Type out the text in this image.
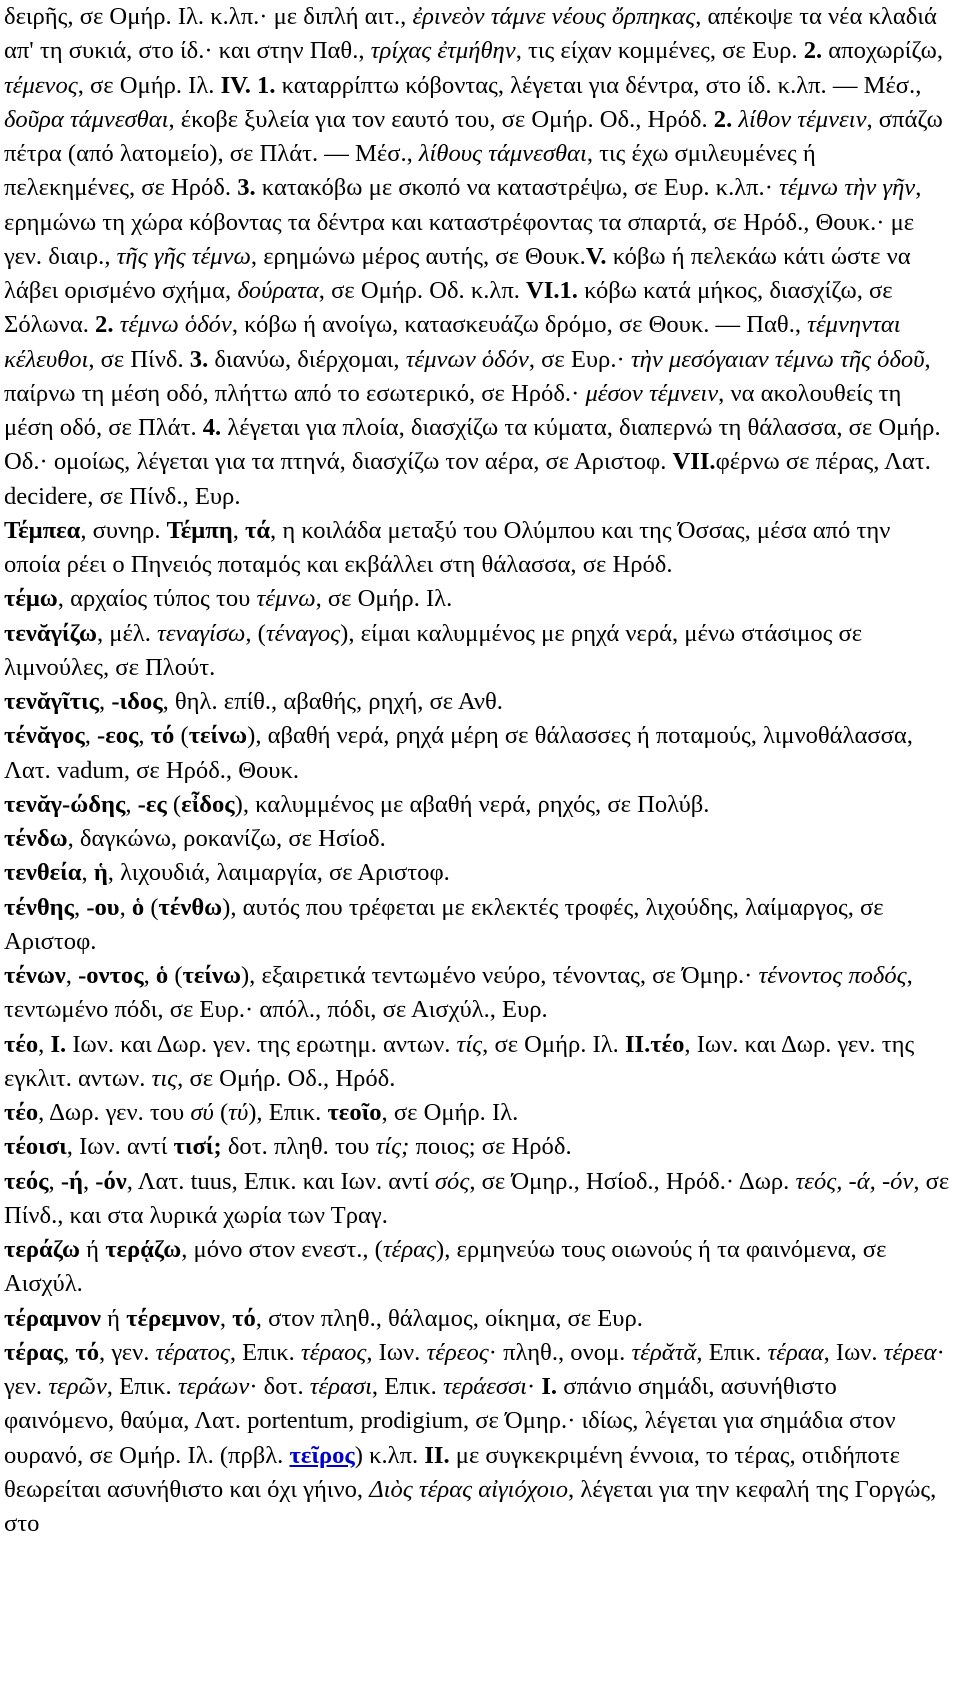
δειρῆς, σε Ομήρ. Ιλ. κ.λπ.· με διπλή αιτ., ἐρινεὸν τάμνε νέους ὄρπηκας, απέκοψε τα νέα κλαδιά απ' τη συκιά, στο ίδ.· και στην Παθ., τρίχας ἐτμήθην, τις είχαν κομμένες, σε Ευρ. 2. αποχωρίζω, τέμενος, σε Ομήρ. Ιλ. IV. 1. καταρρίπτω κόβοντας, λέγεται για δέντρα, στο ίδ. κ.λπ. — Μέσ., δοῦρα τάμνεσθαι, έκοβε ξυλεία για τον εαυτό του, σε Ομήρ. Οδ., Ηρόδ. 2. λίθον τέμνειν, σπάζω πέτρα (από λατομείο), σε Πλάτ. — Μέσ., λίθους τάμνεσθαι, τις έχω σμιλευμένες ή πελεκημένες, σε Ηρόδ. 3. κατακόβω με σκοπό να καταστρέψω, σε Ευρ. κ.λπ.· τέμνω τὴν γῆν, ερημώνω τη χώρα κόβοντας τα δέντρα και καταστρέφοντας τα σπαρτά, σε Ηρόδ., Θουκ.· με γεν. διαιρ., τῆς γῆς τέμνω, ερημώνω μέρος αυτής, σε Θουκ.V. κόβω ή πελεκάω κάτι ώστε να λάβει ορισμένο σχήμα, δούρατα, σε Ομήρ. Οδ. κ.λπ. VI.1. κόβω κατά μήκος, διασχίζω, σε Σόλωνα. 2. τέμνω ὁδόν, κόβω ή ανοίγω, κατασκευάζω δρόμο, σε Θουκ. — Παθ., τέμνηνται κέλευθοι, σε Πίνδ. 3. διανύω, διέρχομαι, τέμνων ὁδόν, σε Ευρ.· τὴν μεσόγαιαν τέμνω τῆς ὁδοῦ, παίρνω τη μέση οδό, πλήττω από το εσωτερικό, σε Ηρόδ.· μέσον τέμνειν, να ακολουθείς τη μέση οδό, σε Πλάτ. 4. λέγεται για πλοία, διασχίζω τα κύματα, διαπερνώ τη θάλασσα, σε Ομήρ. Οδ.· ομοίως, λέγεται για τα πτηνά, διασχίζω τον αέρα, σε Αριστοφ. VII.φέρνω σε πέρας, Λατ. decidere, σε Πίνδ., Ευρ.

Τέμπεα, συνηρ. Τέμπη, τά, η κοιλάδα μεταξύ του Ολύμπου και της Όσσας, μέσα από την οποία ρέει ο Πηνειός ποταμός και εκβάλλει στη θάλασσα, σε Ηρόδ.

τέμω, αρχαίος τύπος του τέμνω, σε Ομήρ. Ιλ.

τενᾰγίζω, μέλ. τεναγίσω, (τέναγος), είμαι καλυμμένος με ρηχά νερά, μένω στάσιμος σε λιμνούλες, σε Πλούτ.

τενᾰγῖτις, -ιδος, θηλ. επίθ., αβαθής, ρηχή, σε Ανθ.

τένᾰγος, -εος, τό (τείνω), αβαθή νερά, ρηχά μέρη σε θάλασσες ή ποταμούς, λιμνοθάλασσα, Λατ. vadum, σε Ηρόδ., Θουκ.

τενᾰγ-ώδης, -ες (εἶδος), καλυμμένος με αβαθή νερά, ρηχός, σε Πολύβ.

τένδω, δαγκώνω, ροκανίζω, σε Ησίοδ.

τενθεία, ἡ, λιχουδιά, λαιμαργία, σε Αριστοφ.

τένθης, -ου, ὁ (τένθω), αυτός που τρέφεται με εκλεκτές τροφές, λιχούδης, λαίμαργος, σε Αριστοφ.

τένων, -οντος, ὁ (τείνω), εξαιρετικά τεντωμένο νεύρο, τένοντας, σε Όμηρ.· τένοντος ποδός, τεντωμένο πόδι, σε Ευρ.· απόλ., πόδι, σε Αισχύλ., Ευρ.

τέο, I. Ιων. και Δωρ. γεν. της ερωτημ. αντων. τίς, σε Ομήρ. Ιλ. II.τέο, Ιων. και Δωρ. γεν. της εγκλιτ. αντων. τις, σε Ομήρ. Οδ., Ηρόδ.

τέο, Δωρ. γεν. του σύ (τύ), Επικ. τεοῖο, σε Ομήρ. Ιλ.

τέοισι, Ιων. αντί τισί; δοτ. πληθ. του τίς; ποιος; σε Ηρόδ.

τεός, -ή, -όν, Λατ. tuus, Επικ. και Ιων. αντί σός, σε Όμηρ., Ησίοδ., Ηρόδ.· Δωρ. τεός, -ά, -όν, σε Πίνδ., και στα λυρικά χωρία των Τραγ.

τεράζω ή τερᾴζω, μόνο στον ενεστ., (τέρας), ερμηνεύω τους οιωνούς ή τα φαινόμενα, σε Αισχύλ.

τέραμνον ή τέρεμνον, τό, στον πληθ., θάλαμος, οίκημα, σε Ευρ.

τέρας, τό, γεν. τέρατος, Επικ. τέραος, Ιων. τέρεος· πληθ., ονομ. τέρᾰτᾰ, Επικ. τέραα, Ιων. τέρεα· γεν. τερῶν, Επικ. τεράων· δοτ. τέρασι, Επικ. τεράεσσι· I. σπάνιο σημάδι, ασυνήθιστο φαινόμενο, θαύμα, Λατ. portentum, prodigium, σε Όμηρ.· ιδίως, λέγεται για σημάδια στον ουρανό, σε Ομήρ. Ιλ. (πρβλ. τεῖρος) κ.λπ. II. με συγκεκριμένη έννοια, το τέρας, οτιδήποτε θεωρείται ασυνήθιστο και όχι γήινο, Διὸς τέρας αἰγιόχοιο, λέγεται για την κεφαλή της Γοργώς, στο
